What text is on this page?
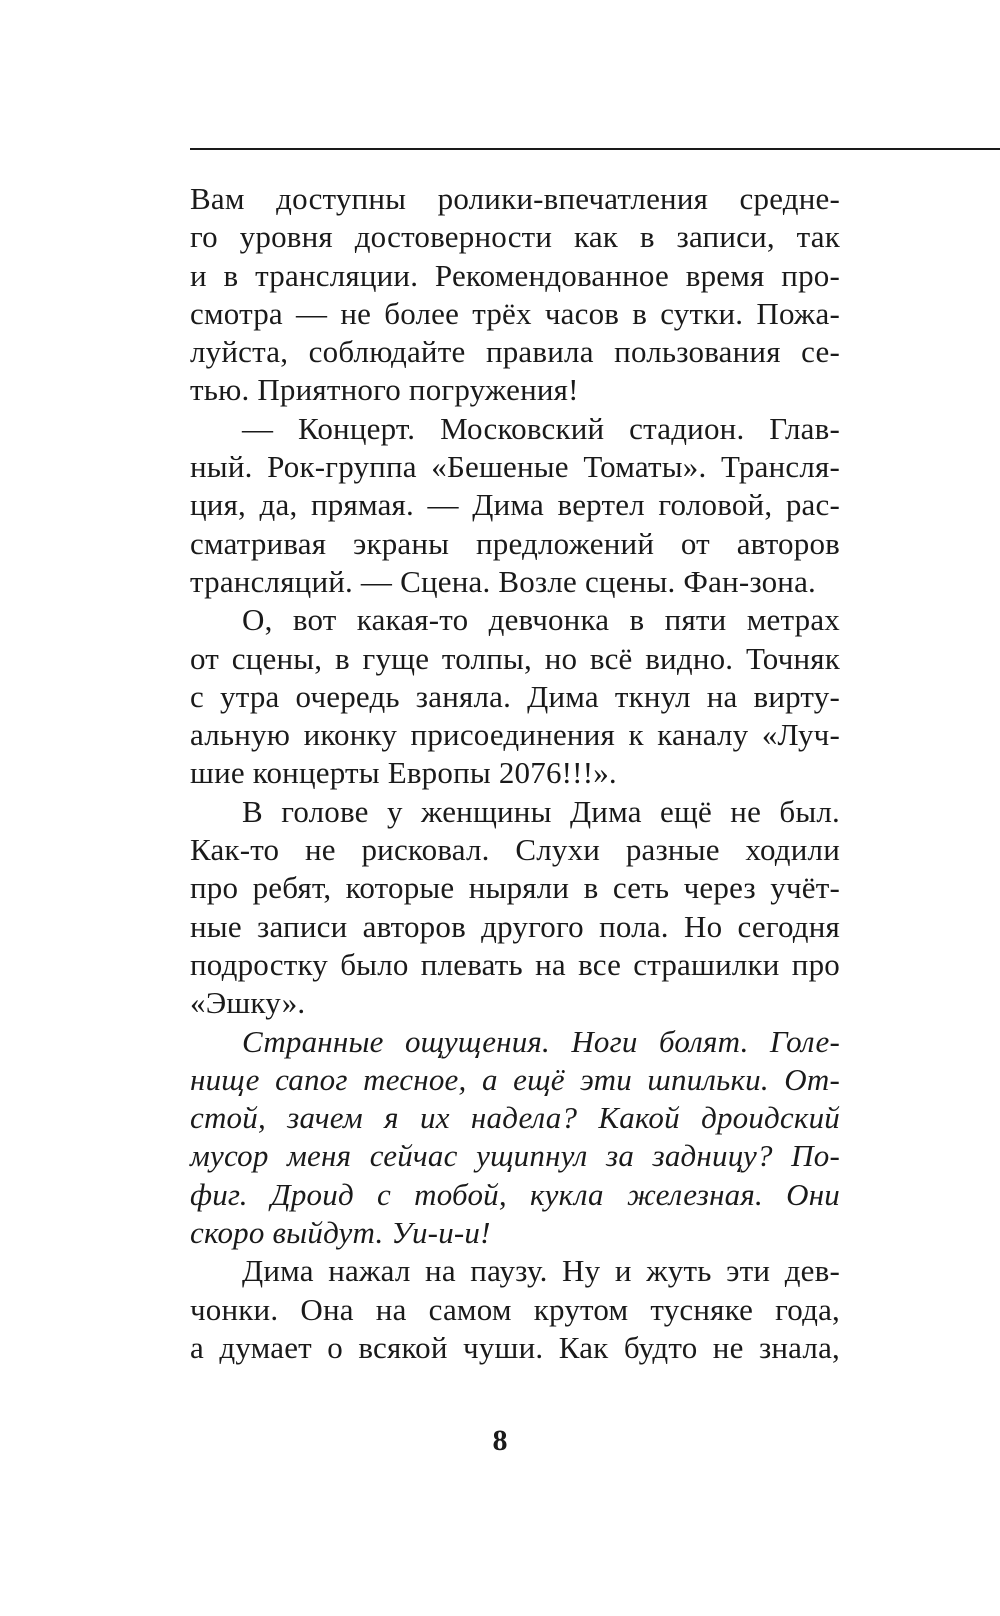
Вам доступны ролики-впечатления средне-
го уровня достоверности как в записи, так
и в трансляции. Рекомендованное время про-
смотра — не более трёх часов в сутки. Пожа-
луйста, соблюдайте правила пользования се-
тью. Приятного погружения!
— Концерт. Московский стадион. Глав-
ный. Рок-группа «Бешеные Томаты». Трансля-
ция, да, прямая. — Дима вертел головой, рас-
сматривая экраны предложений от авторов
трансляций. — Сцена. Возле сцены. Фан-зона.
О, вот какая-то девчонка в пяти метрах
от сцены, в гуще толпы, но всё видно. Точняк
с утра очередь заняла. Дима ткнул на вирту-
альную иконку присоединения к каналу «Луч-
шие концерты Европы 2076!!!».
В голове у женщины Дима ещё не был.
Как-то не рисковал. Слухи разные ходили
про ребят, которые ныряли в сеть через учёт-
ные записи авторов другого пола. Но сегодня
подростку было плевать на все страшилки про
«Эшку».
Странные ощущения. Ноги болят. Голе-
нище сапог тесное, а ещё эти шпильки. От-
стой, зачем я их надела? Какой дроидский
мусор меня сейчас ущипнул за задницу? По-
фиг. Дроид с тобой, кукла железная. Они
скоро выйдут. Уи-и-и!
Дима нажал на паузу. Ну и жуть эти дев-
чонки. Она на самом крутом тусняке года,
а думает о всякой чуши. Как будто не знала,
8
